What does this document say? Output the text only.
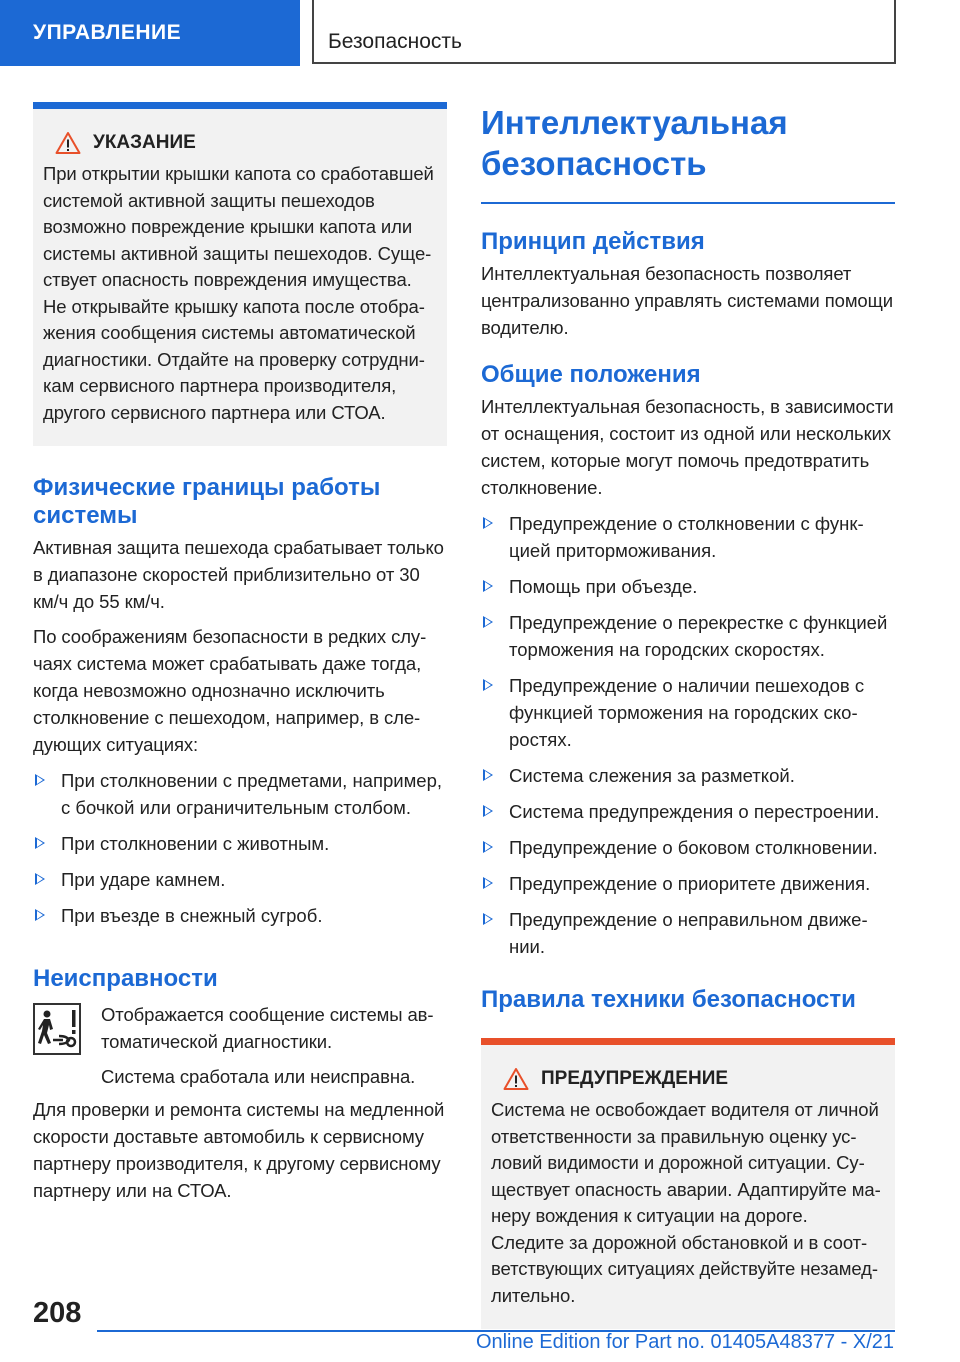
УПРАВЛЕНИЕ	Безопасность
УКАЗАНИЕ

При открытии крышки капота со сработавшей системой активной защиты пешеходов возможно повреждение крышки капота или системы активной защиты пешеходов. Существует опасность повреждения имущества. Не открывайте крышку капота после отображения сообщения системы автоматической диагностики. Отдайте на проверку сотрудникам сервисного партнера производителя, другого сервисного партнера или СТОА.

Физические границы работы системы

Активная защита пешехода срабатывает только в диапазоне скоростей приблизительно от 30 км/ч до 55 км/ч.

По соображениям безопасности в редких случаях система может срабатывать даже тогда, когда невозможно однозначно исключить столкновение с пешеходом, например, в следующих ситуациях:

При столкновении с предметами, например, с бочкой или ограничительным столбом.
При столкновении с животным.
При ударе камнем.
При въезде в снежный сугроб.
Неисправности

Отображается сообщение системы автоматической диагностики.

Система сработала или неисправна.

Для проверки и ремонта системы на медленной скорости доставьте автомобиль к сервисному партнеру производителя, к другому сервисному партнеру или на СТОА.

Интеллектуальная безопасность
Принцип действия

Интеллектуальная безопасность позволяет централизованно управлять системами помощи водителю.

Общие положения

Интеллектуальная безопасность, в зависимости от оснащения, состоит из одной или нескольких систем, которые могут помочь предотвратить столкновение.

Предупреждение о столкновении с функцией приторможивания.
Помощь при объезде.
Предупреждение о перекрестке с функцией торможения на городских скоростях.
Предупреждение о наличии пешеходов с функцией торможения на городских скоростях.
Система слежения за разметкой.
Система предупреждения о перестроении.
Предупреждение о боковом столкновении.
Предупреждение о приоритете движения.
Предупреждение о неправильном движении.
Правила техники безопасности
ПРЕДУПРЕЖДЕНИЕ

Система не освобождает водителя от личной ответственности за правильную оценку условий видимости и дорожной ситуации. Существует опасность аварии. Адаптируйте манеру вождения к ситуации на дороге. Следите за дорожной обстановкой и в соответствующих ситуациях действуйте незамедлительно.

208
Online Edition for Part no. 01405A48377 - X/21
